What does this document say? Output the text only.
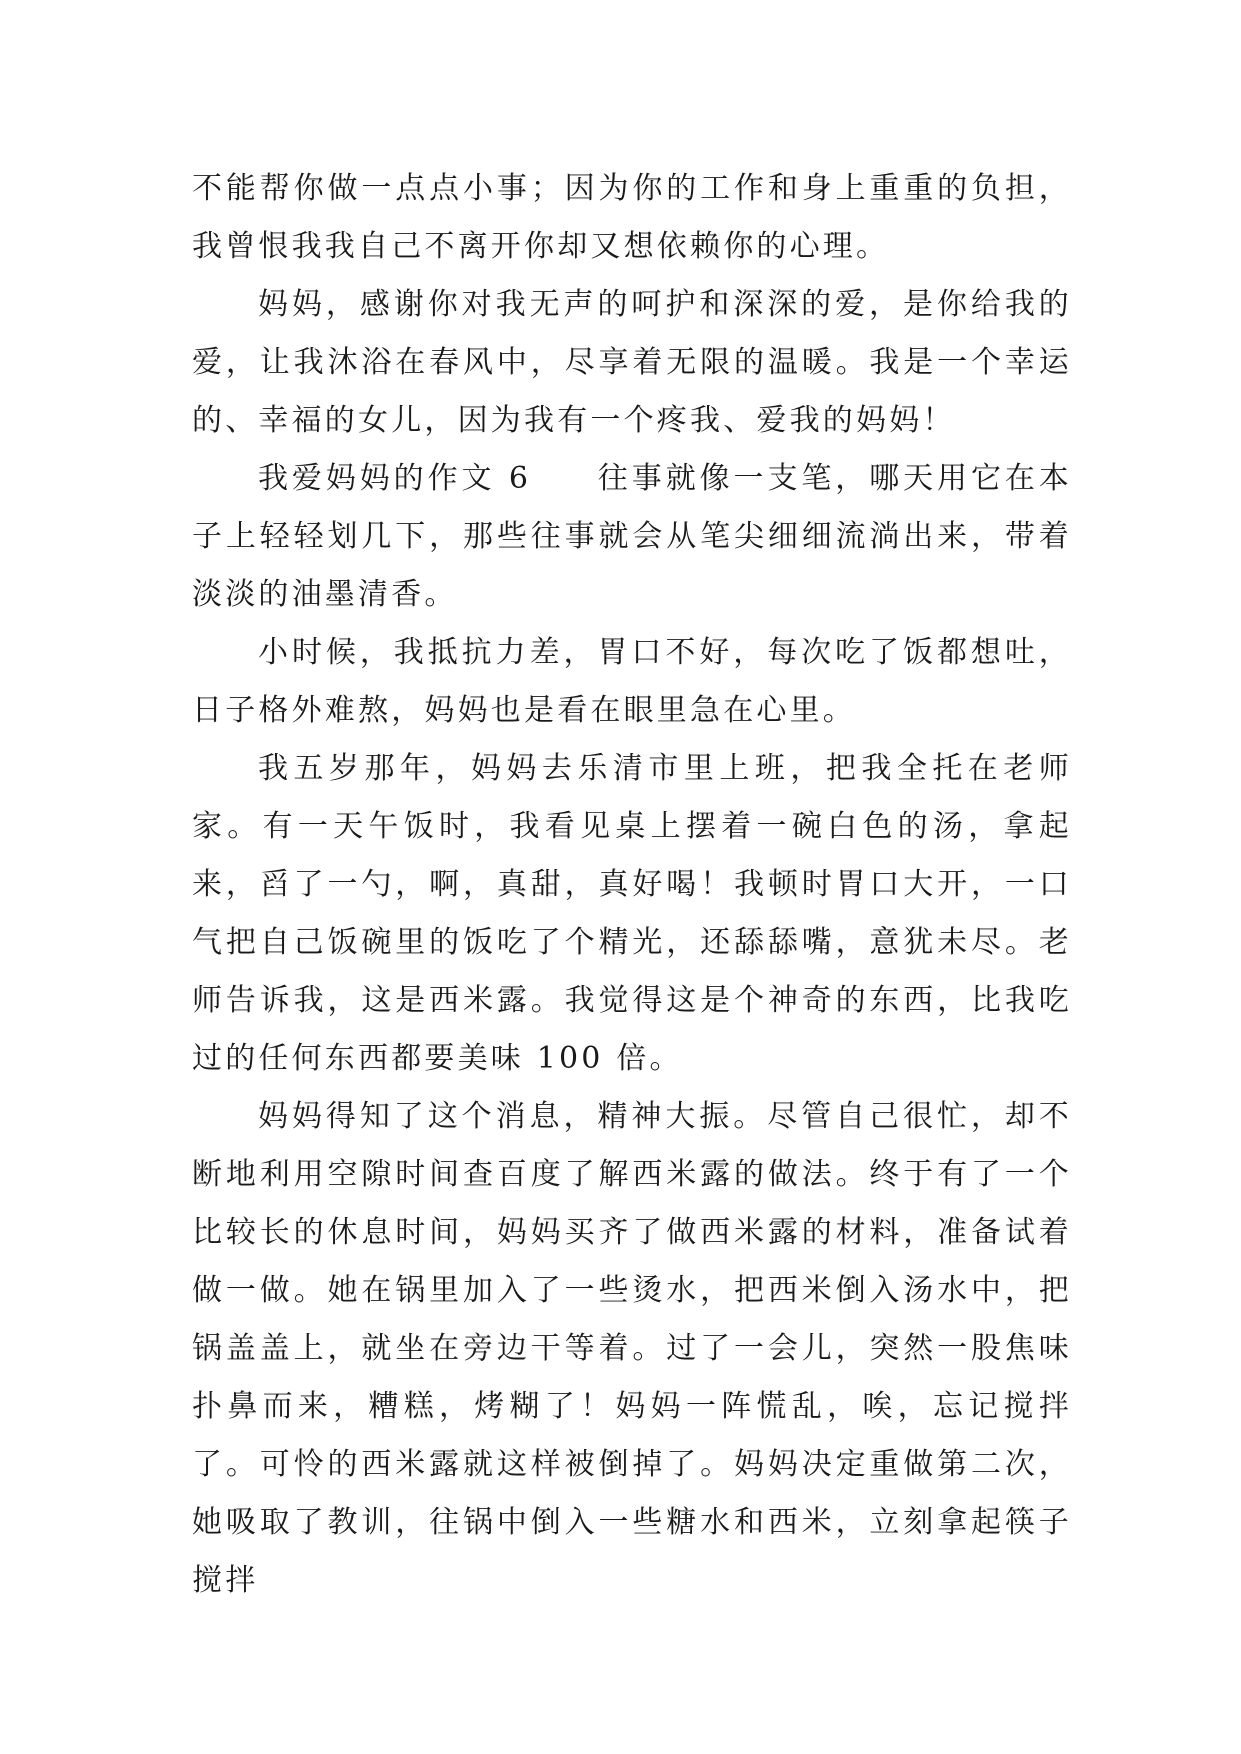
不能帮你做一点点小事；因为你的工作和身上重重的负担，我曾恨我我自己不离开你却又想依赖你的心理。

妈妈，感谢你对我无声的呵护和深深的爱，是你给我的爱，让我沐浴在春风中，尽享着无限的温暖。我是一个幸运的、幸福的女儿，因为我有一个疼我、爱我的妈妈！

我爱妈妈的作文 6 往事就像一支笔，哪天用它在本子上轻轻划几下，那些往事就会从笔尖细细流淌出来，带着淡淡的油墨清香。

小时候，我抵抗力差，胃口不好，每次吃了饭都想吐，日子格外难熬，妈妈也是看在眼里急在心里。

我五岁那年，妈妈去乐清市里上班，把我全托在老师家。有一天午饭时，我看见桌上摆着一碗白色的汤，拿起来，舀了一勺，啊，真甜，真好喝！我顿时胃口大开，一口气把自己饭碗里的饭吃了个精光，还舔舔嘴，意犹未尽。老师告诉我，这是西米露。我觉得这是个神奇的东西，比我吃过的任何东西都要美味 100 倍。

妈妈得知了这个消息，精神大振。尽管自己很忙，却不断地利用空隙时间查百度了解西米露的做法。终于有了一个比较长的休息时间，妈妈买齐了做西米露的材料，准备试着做一做。她在锅里加入了一些烫水，把西米倒入汤水中，把锅盖盖上，就坐在旁边干等着。过了一会儿，突然一股焦味扑鼻而来，糟糕，烤糊了！妈妈一阵慌乱，唉，忘记搅拌了。可怜的西米露就这样被倒掉了。妈妈决定重做第二次，她吸取了教训，往锅中倒入一些糖水和西米，立刻拿起筷子搅拌
